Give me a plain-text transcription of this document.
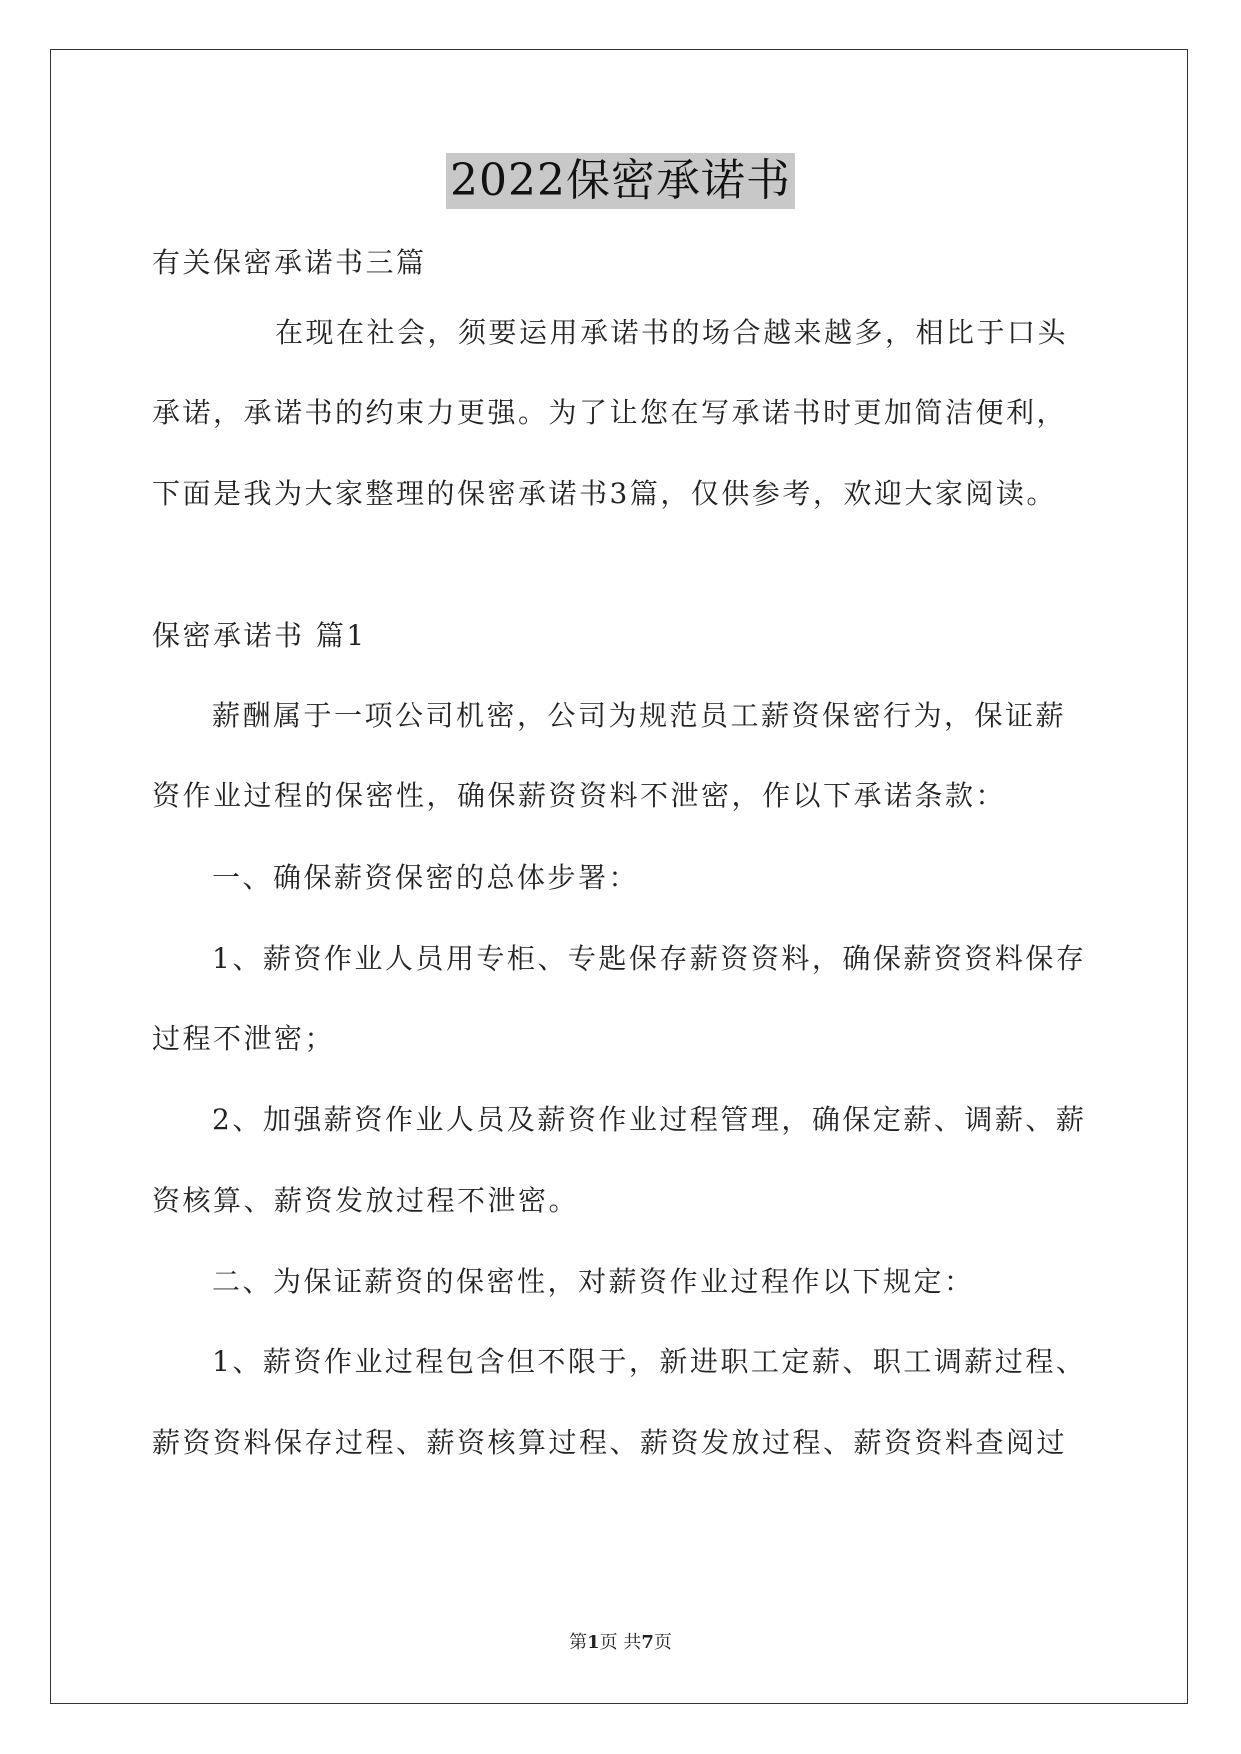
2022保密承诺书
有关保密承诺书三篇
在现在社会，须要运用承诺书的场合越来越多，相比于口头
承诺，承诺书的约束力更强。为了让您在写承诺书时更加简洁便利，
下面是我为大家整理的保密承诺书3篇，仅供参考，欢迎大家阅读。
保密承诺书 篇1
薪酬属于一项公司机密，公司为规范员工薪资保密行为，保证薪
资作业过程的保密性，确保薪资资料不泄密，作以下承诺条款：
一、确保薪资保密的总体步署：
1、薪资作业人员用专柜、专匙保存薪资资料，确保薪资资料保存
过程不泄密；
2、加强薪资作业人员及薪资作业过程管理，确保定薪、调薪、薪
资核算、薪资发放过程不泄密。
二、为保证薪资的保密性，对薪资作业过程作以下规定：
1、薪资作业过程包含但不限于，新进职工定薪、职工调薪过程、
薪资资料保存过程、薪资核算过程、薪资发放过程、薪资资料查阅过
第1页 共7页
